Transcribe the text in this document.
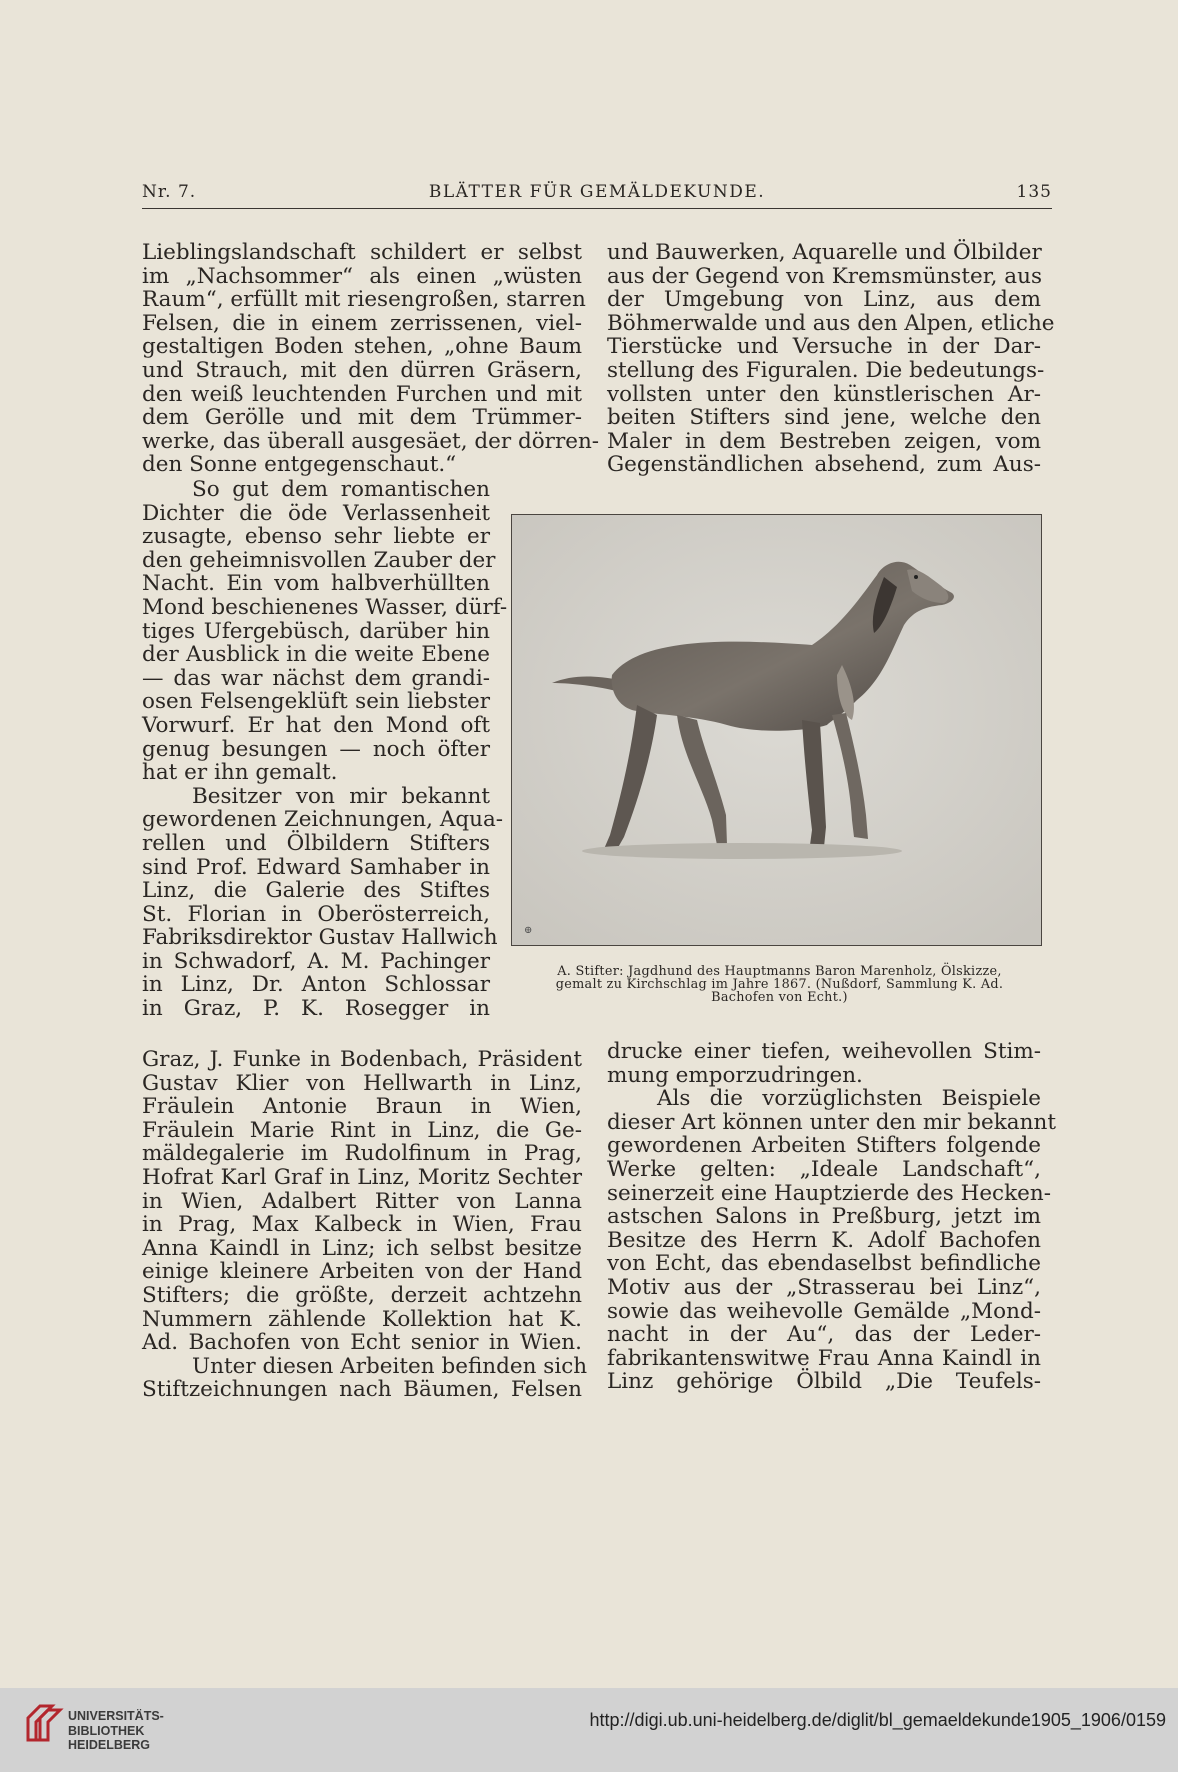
Nr. 7.	BLÄTTER FÜR GEMÄLDEKUNDE.	135
Lieblingslandschaft schildert er selbst
im „Nachsommer“ als einen „wüsten
Raum“, erfüllt mit riesengroßen, starren
Felsen, die in einem zerrissenen, viel-
gestaltigen Boden stehen, „ohne Baum
und Strauch, mit den dürren Gräsern,
den weiß leuchtenden Furchen und mit
dem Gerölle und mit dem Trümmer-
werke, das überall ausgesäet, der dörren-
den Sonne entgegenschaut.“
So gut dem romantischen
Dichter die öde Verlassenheit
zusagte, ebenso sehr liebte er
den geheimnisvollen Zauber der
Nacht. Ein vom halbverhüllten
Mond beschienenes Wasser, dürf-
tiges Ufergebüsch, darüber hin
der Ausblick in die weite Ebene
— das war nächst dem grandi-
osen Felsengeklüft sein liebster
Vorwurf. Er hat den Mond oft
genug besungen — noch öfter
hat er ihn gemalt.
Besitzer von mir bekannt
gewordenen Zeichnungen, Aqua-
rellen und Ölbildern Stifters
sind Prof. Edward Samhaber in
Linz, die Galerie des Stiftes
St. Florian in Oberösterreich,
Fabriksdirektor Gustav Hallwich
in Schwadorf, A. M. Pachinger
in Linz, Dr. Anton Schlossar
in Graz, P. K. Rosegger in
Graz, J. Funke in Bodenbach, Präsident
Gustav Klier von Hellwarth in Linz,
Fräulein Antonie Braun in Wien,
Fräulein Marie Rint in Linz, die Ge-
mäldegalerie im Rudolfinum in Prag,
Hofrat Karl Graf in Linz, Moritz Sechter
in Wien, Adalbert Ritter von Lanna
in Prag, Max Kalbeck in Wien, Frau
Anna Kaindl in Linz; ich selbst besitze
einige kleinere Arbeiten von der Hand
Stifters; die größte, derzeit achtzehn
Nummern zählende Kollektion hat K.
Ad. Bachofen von Echt senior in Wien.
Unter diesen Arbeiten befinden sich
Stiftzeichnungen nach Bäumen, Felsen
und Bauwerken, Aquarelle und Ölbilder
aus der Gegend von Kremsmünster, aus
der Umgebung von Linz, aus dem
Böhmerwalde und aus den Alpen, etliche
Tierstücke und Versuche in der Dar-
stellung des Figuralen. Die bedeutungs-
vollsten unter den künstlerischen Ar-
beiten Stifters sind jene, welche den
Maler in dem Bestreben zeigen, vom
Gegenständlichen absehend, zum Aus-
⊕
A. Stifter: Jagdhund des Hauptmanns Baron Marenholz, Ölskizze,
gemalt zu Kirchschlag im Jahre 1867. (Nußdorf, Sammlung K. Ad.
Bachofen von Echt.)
drucke einer tiefen, weihevollen Stim-
mung emporzudringen.
Als die vorzüglichsten Beispiele
dieser Art können unter den mir bekannt
gewordenen Arbeiten Stifters folgende
Werke gelten: „Ideale Landschaft“,
seinerzeit eine Hauptzierde des Hecken-
astschen Salons in Preßburg, jetzt im
Besitze des Herrn K. Adolf Bachofen
von Echt, das ebendaselbst befindliche
Motiv aus der „Strasserau bei Linz“,
sowie das weihevolle Gemälde „Mond-
nacht in der Au“, das der Leder-
fabrikantenswitwe Frau Anna Kaindl in
Linz gehörige Ölbild „Die Teufels-
UNIVERSITÄTS-
BIBLIOTHEK
HEIDELBERG
http://digi.ub.uni-heidelberg.de/diglit/bl_gemaeldekunde1905_1906/0159
